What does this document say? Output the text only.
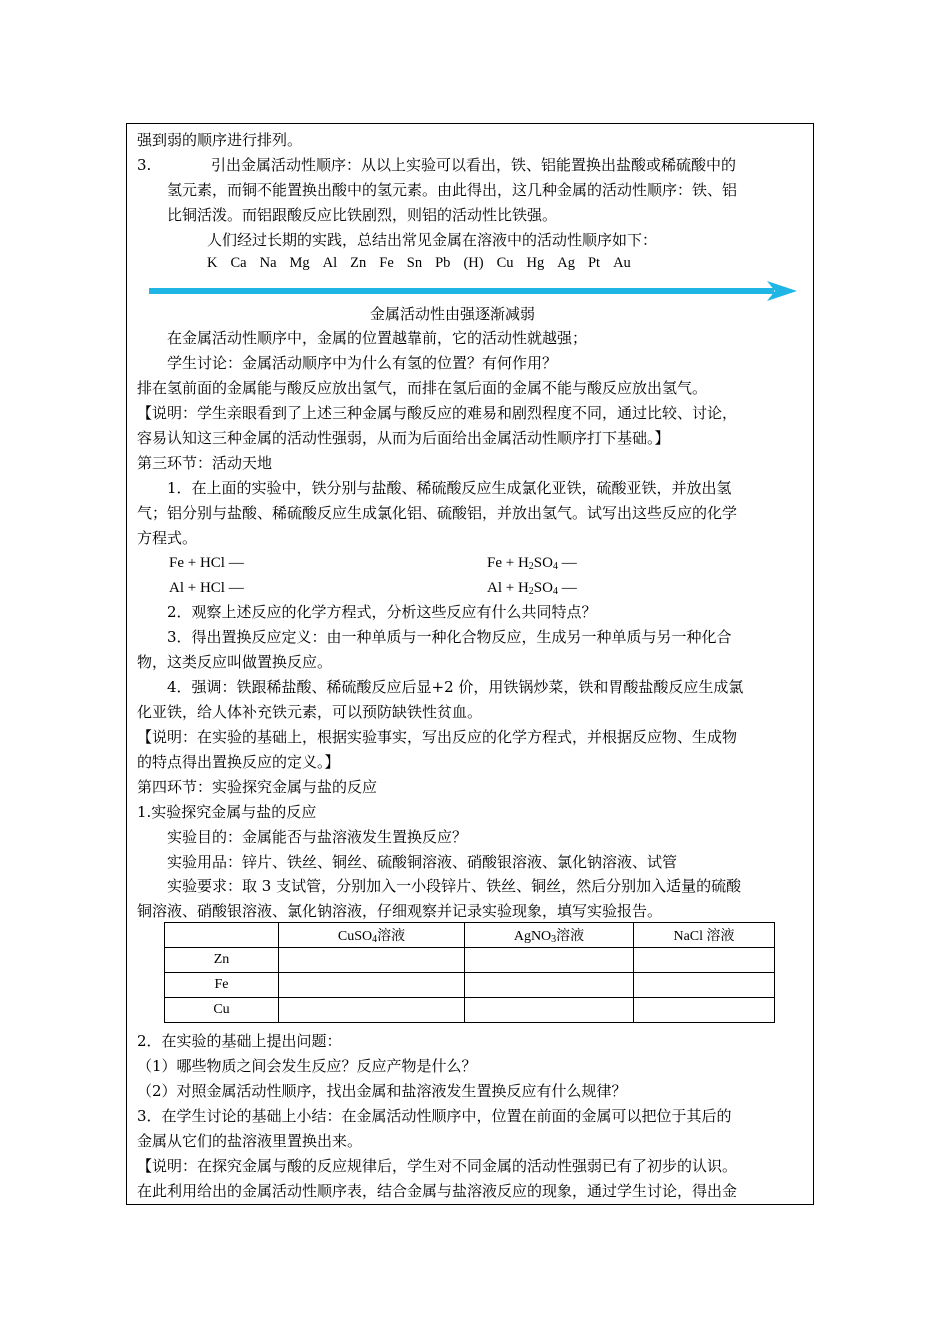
强到弱的顺序进行排列。
3.	引出金属活动性顺序：从以上实验可以看出，铁、铝能置换出盐酸或稀硫酸中的
氢元素，而铜不能置换出酸中的氢元素。由此得出，这几种金属的活动性顺序：铁、铝
比铜活泼。而铝跟酸反应比铁剧烈，则铝的活动性比铁强。
人们经过长期的实践，总结出常见金属在溶液中的活动性顺序如下：
K Ca Na Mg Al Zn Fe Sn Pb (H) Cu Hg Ag Pt Au
金属活动性由强逐渐减弱
在金属活动性顺序中，金属的位置越靠前，它的活动性就越强；
学生讨论：金属活动顺序中为什么有氢的位置？有何作用？
排在氢前面的金属能与酸反应放出氢气，而排在氢后面的金属不能与酸反应放出氢气。
【说明：学生亲眼看到了上述三种金属与酸反应的难易和剧烈程度不同，通过比较、讨论，
容易认知这三种金属的活动性强弱，从而为后面给出金属活动性顺序打下基础。】
第三环节：活动天地
1．在上面的实验中，铁分别与盐酸、稀硫酸反应生成氯化亚铁，硫酸亚铁，并放出氢
气；铝分别与盐酸、稀硫酸反应生成氯化铝、硫酸铝，并放出氢气。试写出这些反应的化学
方程式。
Fe + HCl —	$Fe + H_2SO_4$ —
Al + HCl —	$Al + H_2SO_4$ —
2．观察上述反应的化学方程式，分析这些反应有什么共同特点？
3．得出置换反应定义：由一种单质与一种化合物反应，生成另一种单质与另一种化合
物，这类反应叫做置换反应。
4．强调：铁跟稀盐酸、稀硫酸反应后显+2 价，用铁锅炒菜，铁和胃酸盐酸反应生成氯
化亚铁，给人体补充铁元素，可以预防缺铁性贫血。
【说明：在实验的基础上，根据实验事实，写出反应的化学方程式，并根据反应物、生成物
的特点得出置换反应的定义。】
第四环节：实验探究金属与盐的反应
1.实验探究金属与盐的反应
实验目的：金属能否与盐溶液发生置换反应？
实验用品：锌片、铁丝、铜丝、硫酸铜溶液、硝酸银溶液、氯化钠溶液、试管
实验要求：取 3 支试管，分别加入一小段锌片、铁丝、铜丝，然后分别加入适量的硫酸
铜溶液、硝酸银溶液、氯化钠溶液，仔细观察并记录实验现象，填写实验报告。
	CuSO$_4$溶液	AgNO$_3$溶液	NaCl 溶液
Zn			
Fe			
Cu			
2．在实验的基础上提出问题：
（1）哪些物质之间会发生反应？反应产物是什么？
（2）对照金属活动性顺序，找出金属和盐溶液发生置换反应有什么规律？
3．在学生讨论的基础上小结：在金属活动性顺序中，位置在前面的金属可以把位于其后的
金属从它们的盐溶液里置换出来。
【说明：在探究金属与酸的反应规律后，学生对不同金属的活动性强弱已有了初步的认识。
在此利用给出的金属活动性顺序表，结合金属与盐溶液反应的现象，通过学生讨论，得出金
